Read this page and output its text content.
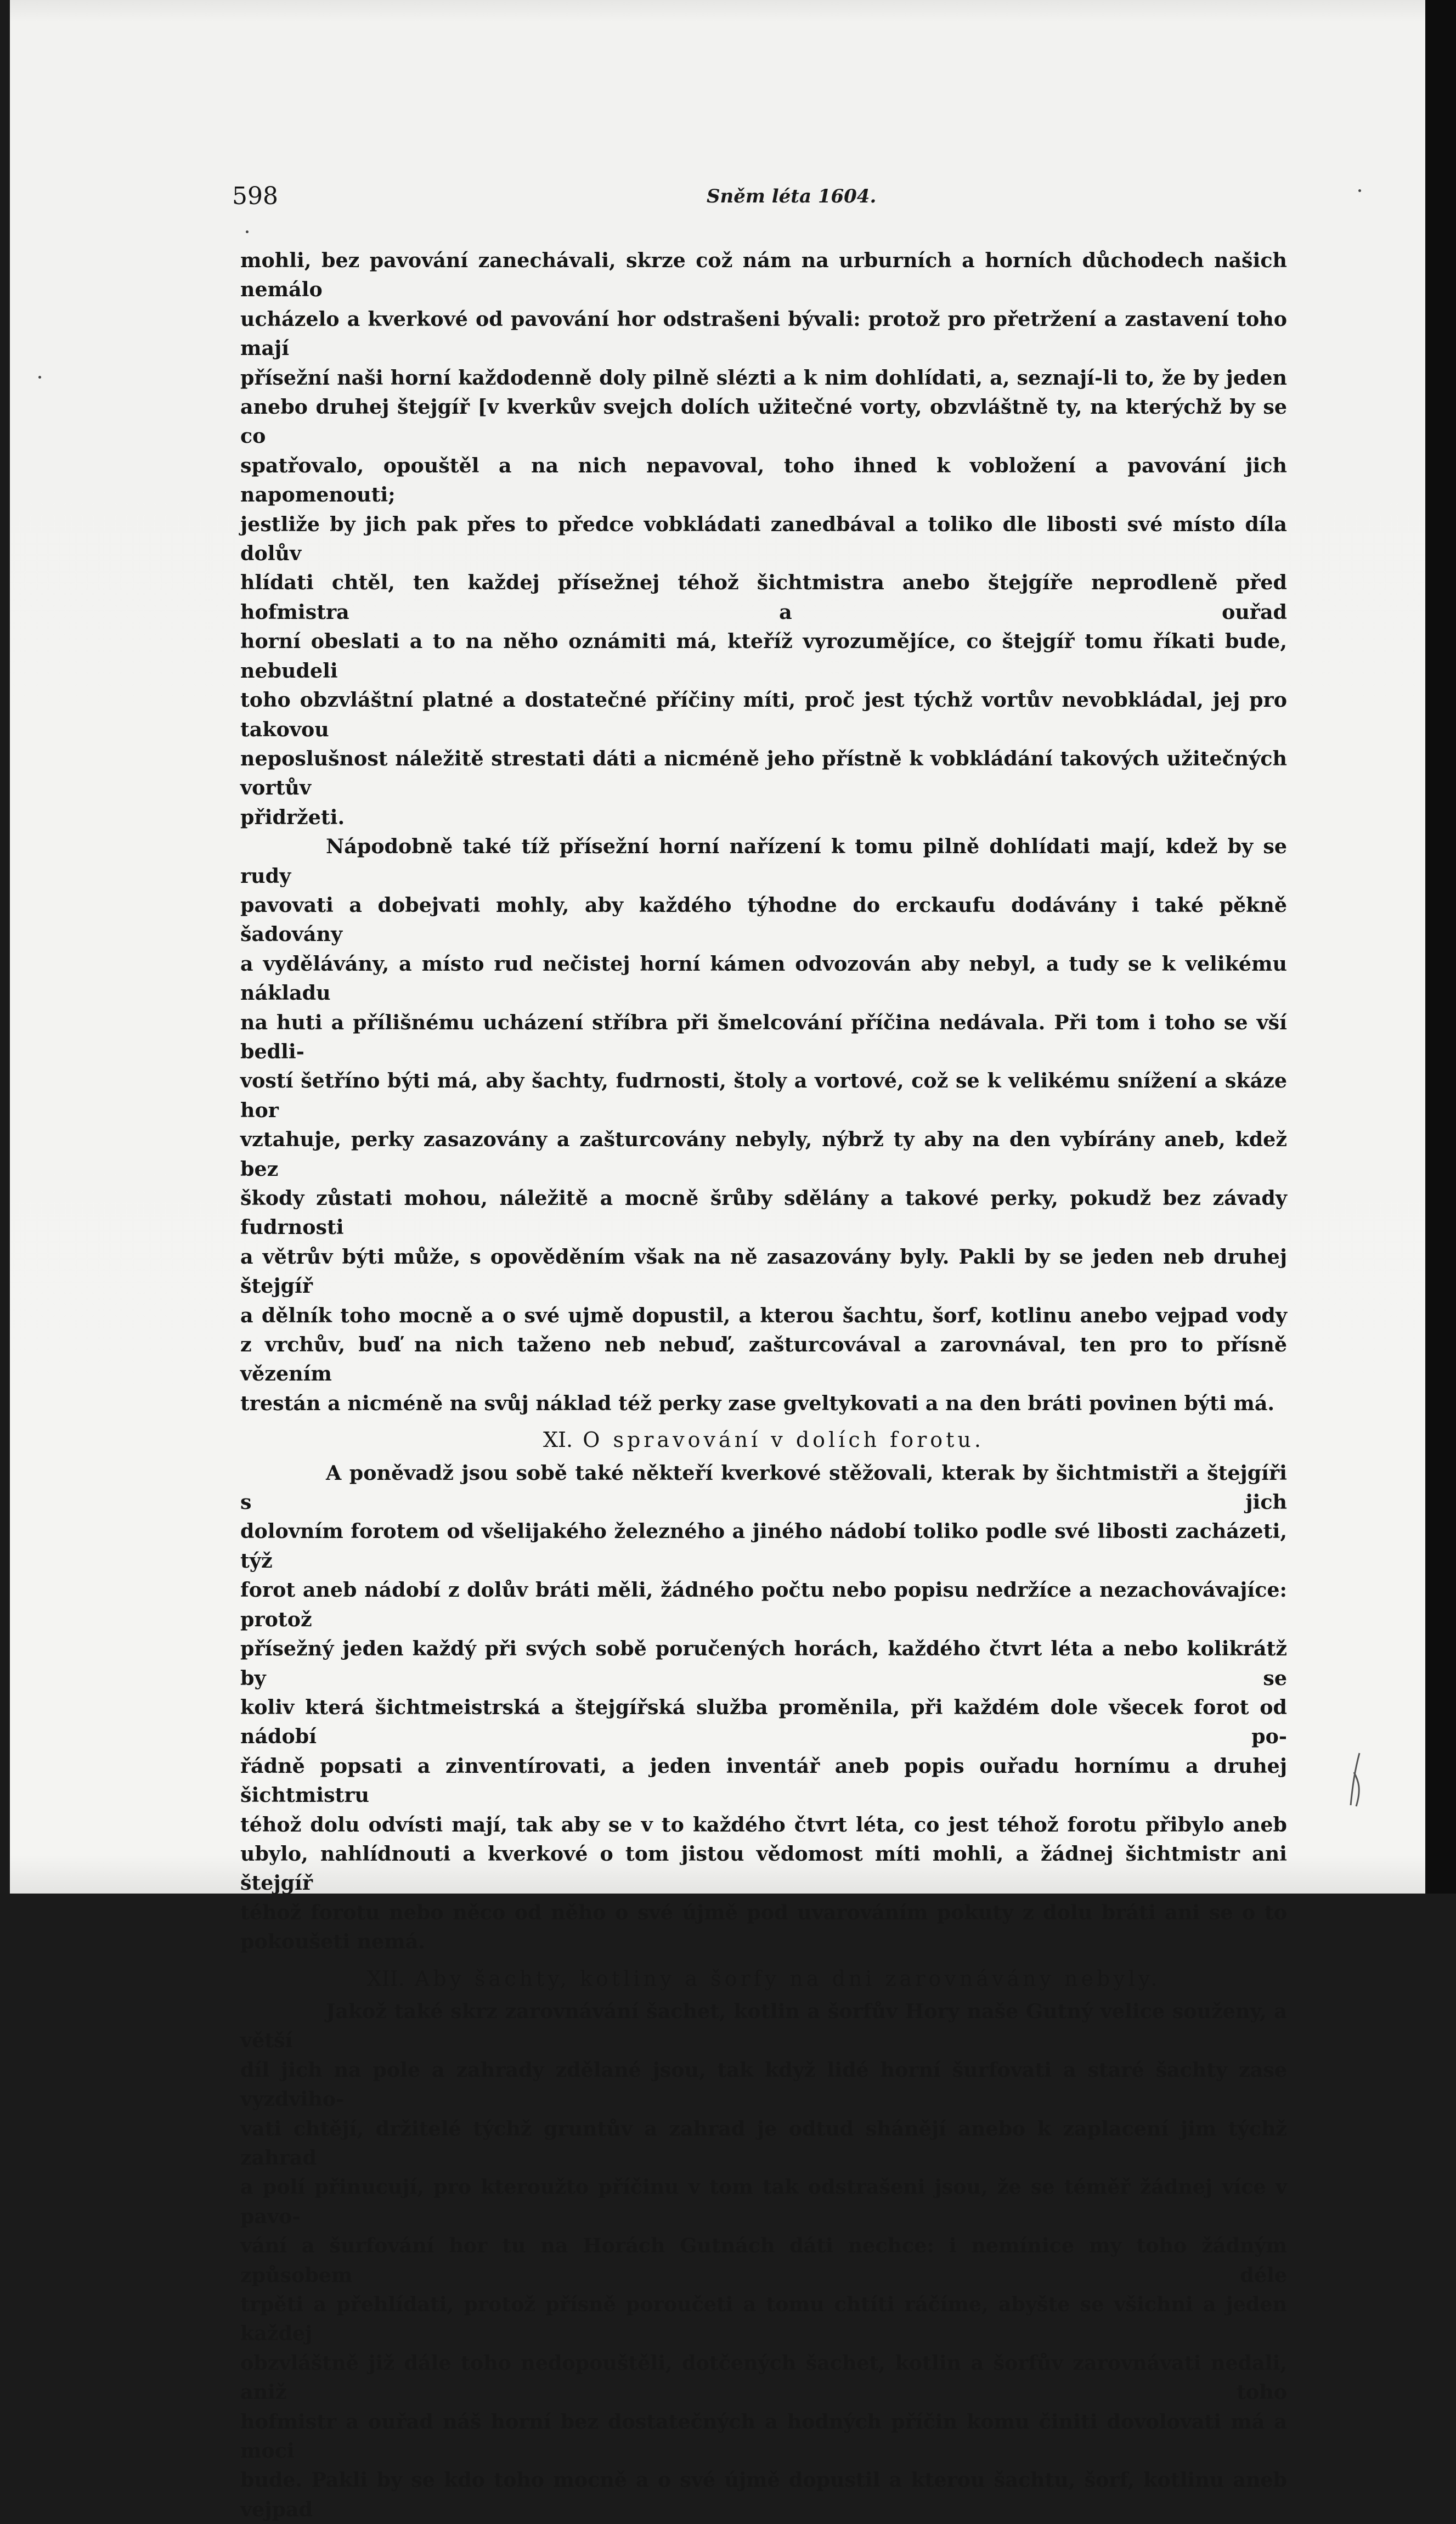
598	Sněm léta 1604.

mohli, bez pavování zanechávali, skrze což nám na urburních a horních důchodech našich nemálo

ucházelo a kverkové od pavování hor odstrašeni bývali: protož pro přetržení a zastavení toho mají

přísežní naši horní každodenně doly pilně slézti a k nim dohlídati, a, seznají-li to, že by jeden

anebo druhej štejgíř [v kverkův svejch dolích užitečné vorty, obzvláštně ty, na kterýchž by se co

spatřovalo, opouštěl a na nich nepavoval, toho ihned k vobložení a pavování jich napomenouti;

jestliže by jich pak přes to předce vobkládati zanedbával a toliko dle libosti své místo díla dolův

hlídati chtěl, ten každej přísežnej téhož šichtmistra anebo štejgíře neprodleně před hofmistra a ouřad

horní obeslati a to na něho oznámiti má, kteříž vyrozumějíce, co štejgíř tomu říkati bude, nebudeli

toho obzvláštní platné a dostatečné příčiny míti, proč jest týchž vortův nevobkládal, jej pro takovou

neposlušnost náležitě strestati dáti a nicméně jeho přístně k vobkládání takových užitečných vortův

přidržeti.

Nápodobně také tíž přísežní horní nařízení k tomu pilně dohlídati mají, kdež by se rudy

pavovati a dobejvati mohly, aby každého týhodne do erckaufu dodávány i také pěkně šadovány

a vydělávány, a místo rud nečistej horní kámen odvozován aby nebyl, a tudy se k velikému nákladu

na huti a přílišnému ucházení stříbra při šmelcování příčina nedávala. Při tom i toho se vší bedli-

vostí šetříno býti má, aby šachty, fudrnosti, štoly a vortové, což se k velikému snížení a skáze hor

vztahuje, perky zasazovány a zašturcovány nebyly, nýbrž ty aby na den vybírány aneb, kdež bez

škody zůstati mohou, náležitě a mocně šrůby sdělány a takové perky, pokudž bez závady fudrnosti

a větrův býti může, s opověděním však na ně zasazovány byly. Pakli by se jeden neb druhej štejgíř

a dělník toho mocně a o své ujmě dopustil, a kterou šachtu, šorf, kotlinu anebo vejpad vody

z vrchův, buď na nich taženo neb nebuď, zašturcovával a zarovnával, ten pro to přísně vězením

trestán a nicméně na svůj náklad též perky zase gveltykovati a na den bráti povinen býti má.

XI. O spravování v dolích forotu.

A poněvadž jsou sobě také někteří kverkové stěžovali, kterak by šichtmistři a štejgíři s jich

dolovním forotem od všelijakého železného a jiného nádobí toliko podle své libosti zacházeti, týž

forot aneb nádobí z dolův bráti měli, žádného počtu nebo popisu nedržíce a nezachovávajíce: protož

přísežný jeden každý při svých sobě poručených horách, každého čtvrt léta a nebo kolikrátž by se

koliv která šichtmeistrská a štejgířská služba proměnila, při každém dole všecek forot od nádobí po-

řádně popsati a zinventírovati, a jeden inventář aneb popis ouřadu hornímu a druhej šichtmistru

téhož dolu odvísti mají, tak aby se v to každého čtvrt léta, co jest téhož forotu přibylo aneb

ubylo, nahlídnouti a kverkové o tom jistou vědomost míti mohli, a žádnej šichtmistr ani štejgíř

téhož forotu nebo něco od něho o své újmě pod uvarováním pokuty z dolu bráti ani se o to

pokoušeti nemá.

XII. Aby šachty, kotliny a šorfy na dni zarovnávány nebyly.

Jakož také skrz zarovnávání šachet, kotlin a šorfův Hory naše Gutný velice souženy, a větší

díl jich na pole a zahrady zdělané jsou, tak když lidé horní šurfovati a staré šachty zase vyzdviho-

vati chtějí, držitelé týchž gruntův a zahrad je odtud shánějí anebo k zaplacení jim týchž zahrad

a polí přinucují, pro kteroužto příčinu v tom tak odstrašeni jsou, že se téměř žádnej více v pavo-

vání a šurfování hor tu na Horách Gutnách dáti nechce: i nemínice my toho žádným způsobem déle

trpěti a přehlídati, protož přísně poroučeti a tomu chtíti ráčíme, abyšte se všichni a jeden každej

obzvláštně již dále toho nedopouštěli, dotčených šachet, kotlin a šorfův zarovnávati nedali, aniž toho

hofmistr a ouřad náš horní bez dostatečných a hodných příčin komu činiti dovolovati má a moci

bude. Pakli by se kdo toho mocně a o své újmě dopustil a kterou šachtu, šorf, kotlinu aneb vejpad
